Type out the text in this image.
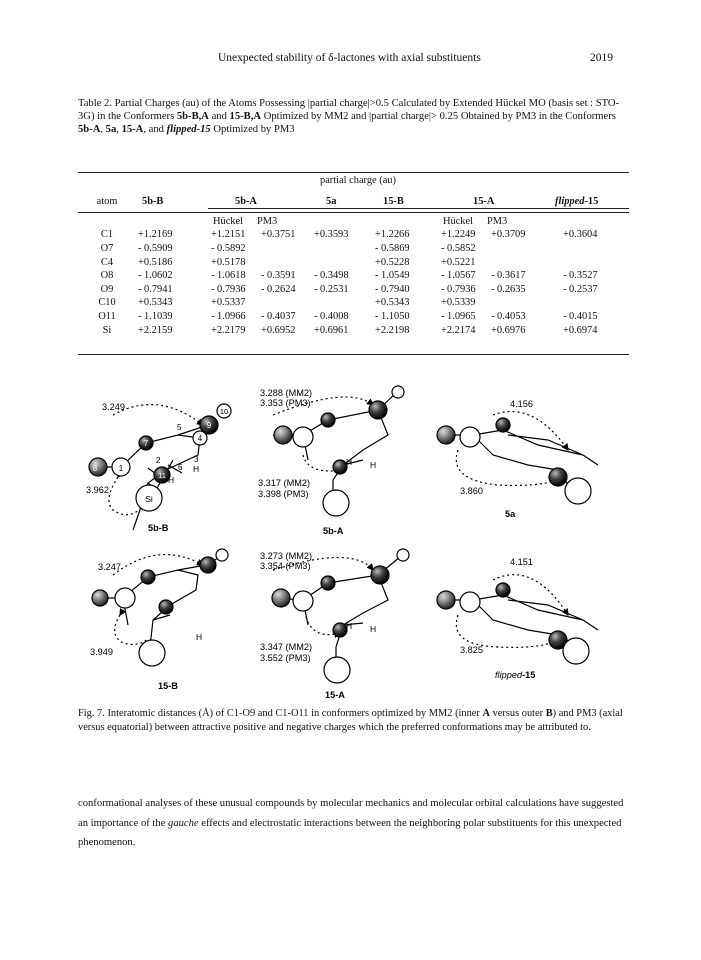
Unexpected stability of δ-lactones with axial substituents	2019
Table 2. Partial Charges (au) of the Atoms Possessing |partial charge|>0.5 Calculated by Extended Hückel MO (basis set : STO-3G) in the Conformers 5b-B,A and 15-B,A Optimized by MM2 and |partial charge|> 0.25 Obtained by PM3 in the Conformers 5b-A, 5a, 15-A, and flipped-15 Optimized by PM3
partial charge (au)
atom	5b-B	5b-A	5a	15-B	15-A	flipped-15

		Hückel PM3			Hückel PM3	
C1	+1.2169	+1.2151 +0.3751	+0.3593	+1.2266	+1.2249 +0.3709	+0.3604
O7	- 0.5909	- 0.5892		- 0.5869	- 0.5852	
C4	+0.5186	+0.5178		+0.5228	+0.5221	
O8	- 1.0602	- 1.0618 - 0.3591	- 0.3498	- 1.0549	- 1.0567 - 0.3617	- 0.3527
O9	- 0.7941	- 0.7936 - 0.2624	- 0.2531	- 0.7940	- 0.7936 - 0.2635	- 0.2537
C10	+0.5343	+0.5337		+0.5343	+0.5339	
O11	- 1.1039	- 1.0966 - 0.4037	- 0.4008	- 1.1050	- 1.0965 - 0.4053	- 0.4015
Si	+2.2159	+2.2179 +0.6952	+0.6961	+2.2198	+2.2174 +0.6976	+0.6974
3.249
8	1
7
2
5
4
3
9
10
11
6 H
H
Si
3.962
5b-B
3.288 (MM2)
3.353 (PM3)
H H
3.317 (MM2)
3.398 (PM3)
5b-A
4.156
3.860
5a
3.247
H
3.949
15-B
3.273 (MM2)
3.354 (PM3)
H H
3.347 (MM2)
3.552 (PM3)
15-A
4.151
3.825
flipped-15
Fig. 7. Interatomic distances (Å) of C1-O9 and C1-O11 in conformers optimized by MM2 (inner A versus outer B) and PM3 (axial versus equatorial) between attractive positive and negative charges which the preferred conformations may be attributed to.
conformational analyses of these unusual compounds by molecular mechanics and molecular orbital calculations have suggested an importance of the gauche effects and electrostatic interactions between the neighboring polar substituents for this unexpected phenomenon.
